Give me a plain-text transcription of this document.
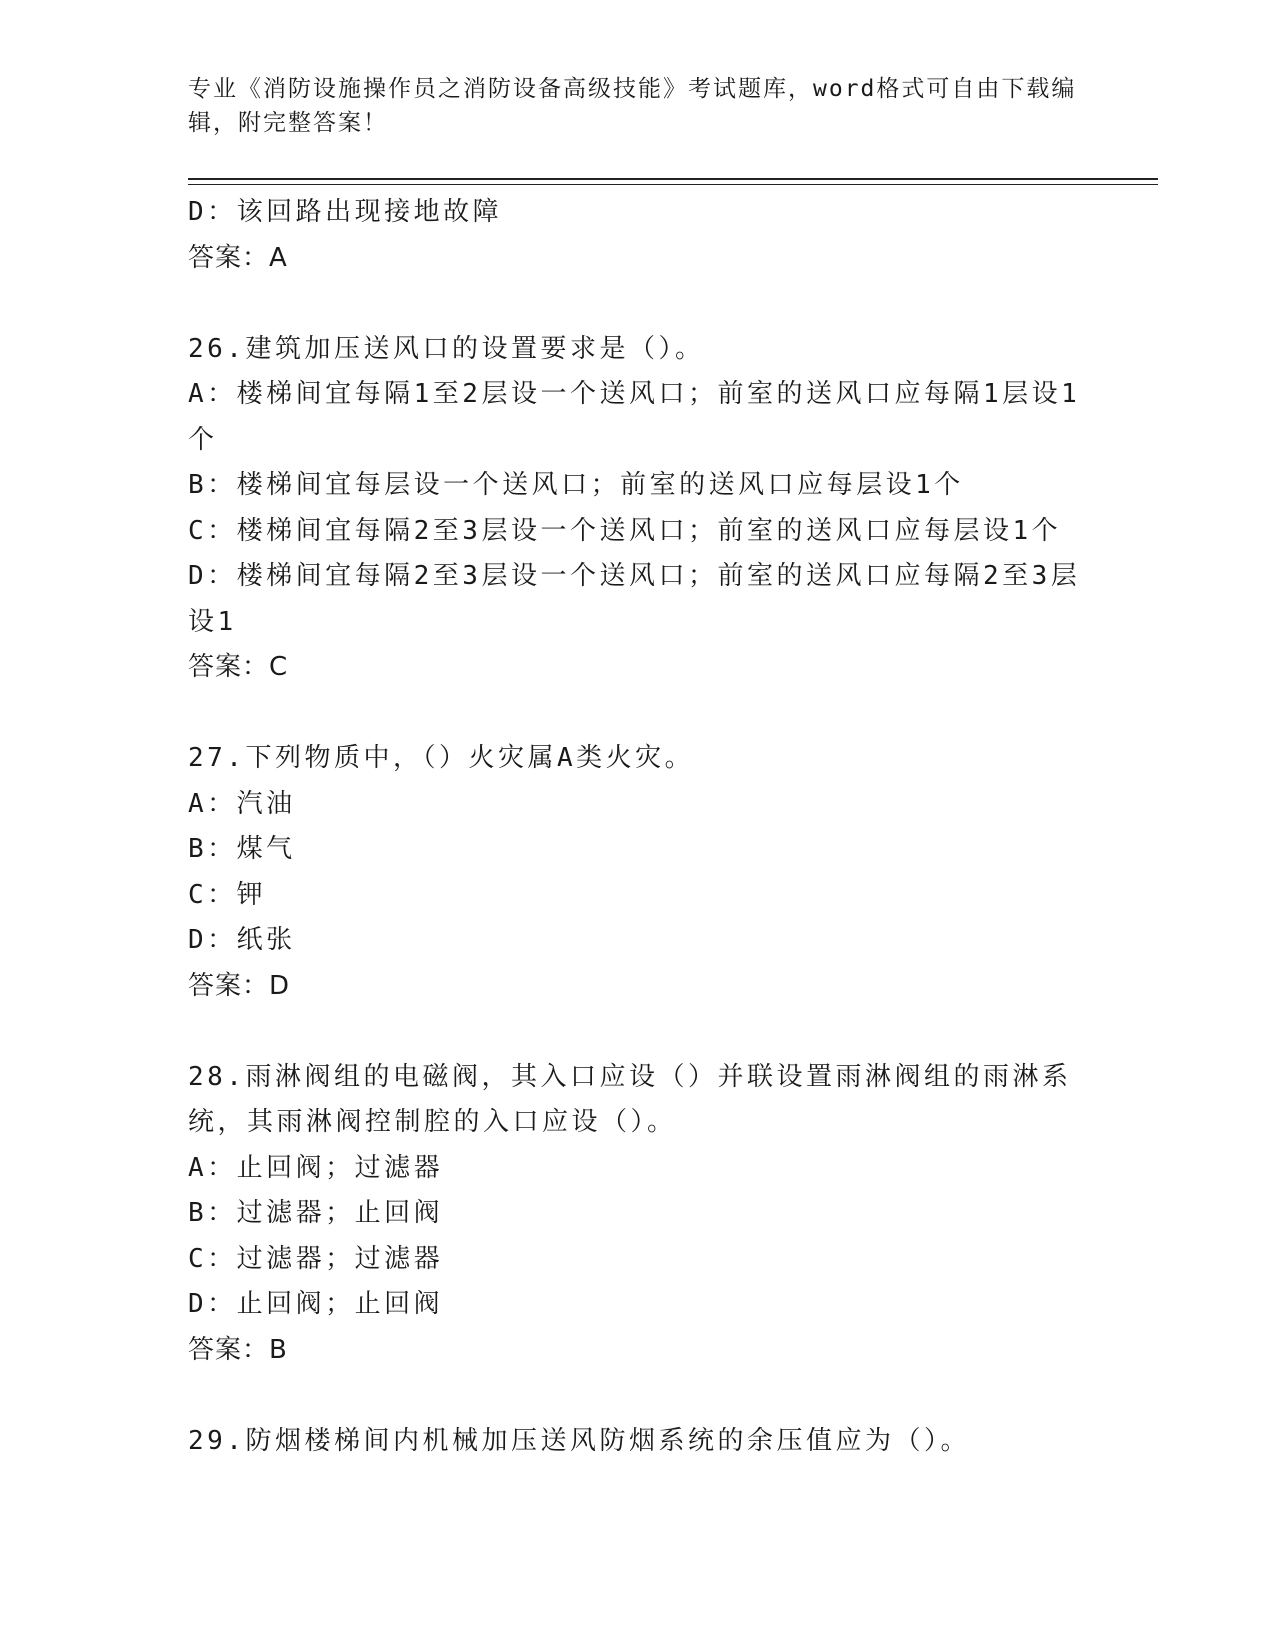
专业《消防设施操作员之消防设备高级技能》考试题库，word格式可自由下载编辑，附完整答案！
D：该回路出现接地故障
答案：A
26.建筑加压送风口的设置要求是（）。
A：楼梯间宜每隔1至2层设一个送风口；前室的送风口应每隔1层设1个
B：楼梯间宜每层设一个送风口；前室的送风口应每层设1个
C：楼梯间宜每隔2至3层设一个送风口；前室的送风口应每层设1个
D：楼梯间宜每隔2至3层设一个送风口；前室的送风口应每隔2至3层设1
答案：C
27.下列物质中，（）火灾属A类火灾。
A：汽油
B：煤气
C：钾
D：纸张
答案：D
28.雨淋阀组的电磁阀，其入口应设（）并联设置雨淋阀组的雨淋系统，其雨淋阀控制腔的入口应设（）。
A：止回阀；过滤器
B：过滤器；止回阀
C：过滤器；过滤器
D：止回阀；止回阀
答案：B
29.防烟楼梯间内机械加压送风防烟系统的余压值应为（）。
